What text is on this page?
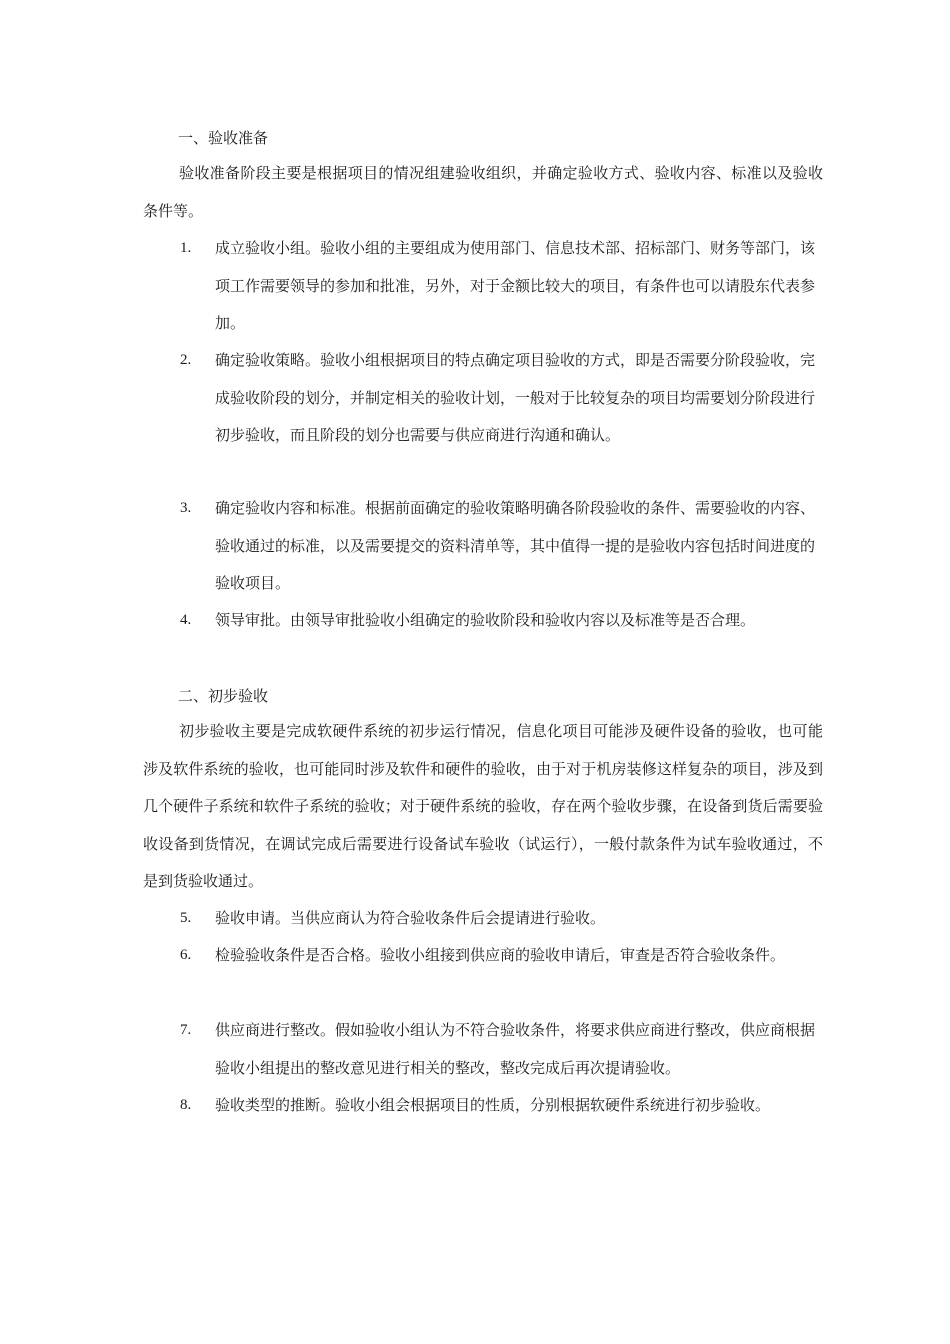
一、验收准备

验收准备阶段主要是根据项目的情况组建验收组织，并确定验收方式、验收内容、标准以及验收条件等。

1.	成立验收小组。验收小组的主要组成为使用部门、信息技术部、招标部门、财务等部门，该项工作需要领导的参加和批准，另外，对于金额比较大的项目，有条件也可以请股东代表参加。
2.	确定验收策略。验收小组根据项目的特点确定项目验收的方式，即是否需要分阶段验收，完成验收阶段的划分，并制定相关的验收计划，一般对于比较复杂的项目均需要划分阶段进行初步验收，而且阶段的划分也需要与供应商进行沟通和确认。
3.	确定验收内容和标准。根据前面确定的验收策略明确各阶段验收的条件、需要验收的内容、验收通过的标准，以及需要提交的资料清单等，其中值得一提的是验收内容包括时间进度的验收项目。
4.	领导审批。由领导审批验收小组确定的验收阶段和验收内容以及标准等是否合理。
二、初步验收

初步验收主要是完成软硬件系统的初步运行情况，信息化项目可能涉及硬件设备的验收，也可能涉及软件系统的验收，也可能同时涉及软件和硬件的验收，由于对于机房装修这样复杂的项目，涉及到几个硬件子系统和软件子系统的验收；对于硬件系统的验收，存在两个验收步骤，在设备到货后需要验收设备到货情况，在调试完成后需要进行设备试车验收（试运行），一般付款条件为试车验收通过，不是到货验收通过。

5.	验收申请。当供应商认为符合验收条件后会提请进行验收。
6.	检验验收条件是否合格。验收小组接到供应商的验收申请后，审查是否符合验收条件。
7.	供应商进行整改。假如验收小组认为不符合验收条件，将要求供应商进行整改，供应商根据验收小组提出的整改意见进行相关的整改，整改完成后再次提请验收。
8.	验收类型的推断。验收小组会根据项目的性质，分别根据软硬件系统进行初步验收。
